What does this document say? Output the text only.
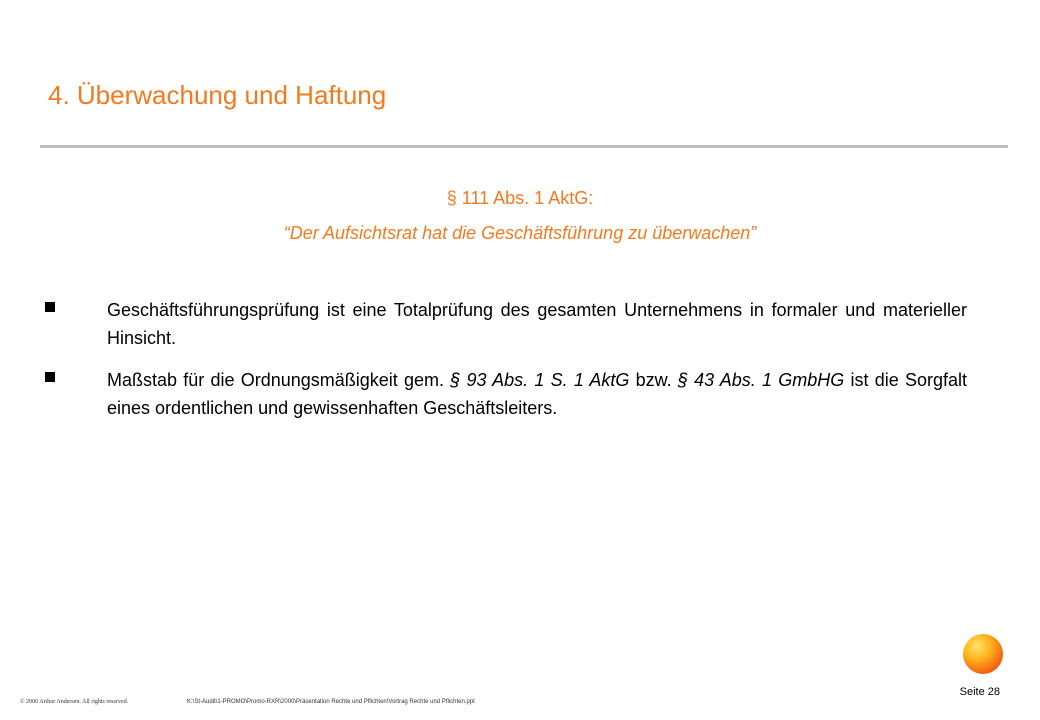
4. Überwachung und Haftung
§ 111 Abs. 1 AktG:
“Der Aufsichtsrat hat die Geschäftsführung zu überwachen”
Geschäftsführungsprüfung ist eine Totalprüfung des gesamten Unternehmens in formaler und materieller Hinsicht.
Maßstab für die Ordnungsmäßigkeit gem. § 93 Abs. 1 S. 1 AktG bzw. § 43 Abs. 1 GmbHG ist die Sorgfalt eines ordentlichen und gewissenhaften Geschäftsleiters.
Seite 28
© 2000 Arthur Andersen. All rights reserved.	K:\St-Audit\1-PROMO\Promo-RXR\2000\Präsentation Rechte und Pflichten\Vortrag Rechte und Pflichten.ppt
